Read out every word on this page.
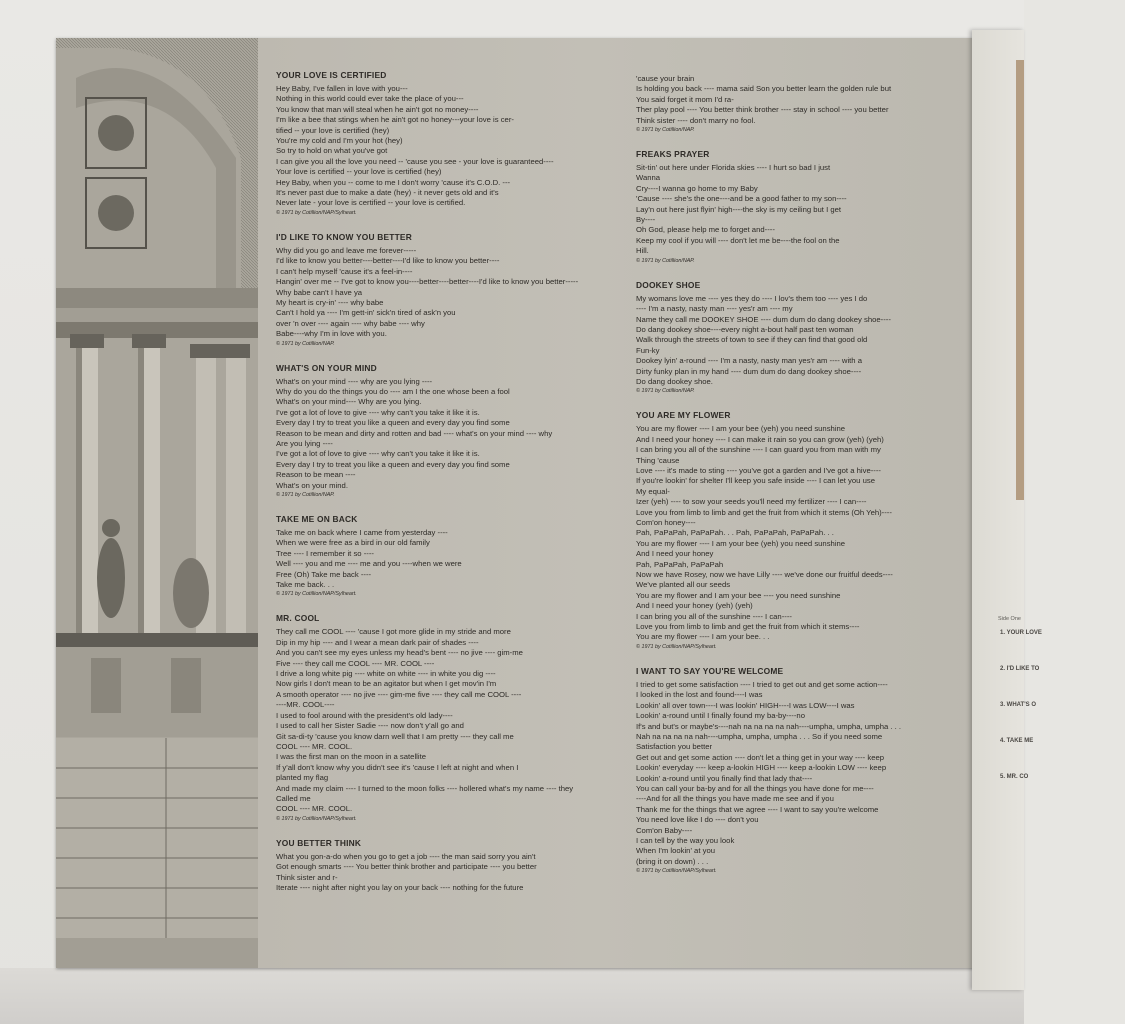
YOUR LOVE IS CERTIFIED
Hey Baby, I've fallen in love with you---
Nothing in this world could ever take the place of you---
You know that man will steal when he ain't got no money----
I'm like a bee that stings when he ain't got no honey---your love is cer-
tified -- your love is certified (hey)
You're my cold and I'm your hot (hey)
So try to hold on what you've got
I can give you all the love you need -- 'cause you see - your love is guaranteed----
Your love is certified -- your love is certified (hey)
Hey Baby, when you -- come to me I don't worry 'cause it's C.O.D. ---
It's never past due to make a date (hey) - it never gets old and it's
Never late - your love is certified -- your love is certified.
© 1971 by Cotillion/NAP/Sylheart.
I'D LIKE TO KNOW YOU BETTER
Why did you go and leave me forever-----
I'd like to know you better----better----I'd like to know you better----
I can't help myself 'cause it's a feel-in----
Hangin' over me -- I've got to know you----better----better----I'd like to know you better-----
Why babe can't I have ya
My heart is cry-in' ---- why babe
Can't I hold ya ---- I'm gett-in' sick'n tired of ask'n you
over 'n over ---- again ---- why babe ---- why
Babe----why I'm in love with you.
© 1971 by Cotillion/NAP.
WHAT'S ON YOUR MIND
What's on your mind ---- why are you lying ----
Why do you do the things you do ---- am I the one whose been a fool
What's on your mind---- Why are you lying.
I've got a lot of love to give ---- why can't you take it like it is.
Every day I try to treat you like a queen and every day you find some
Reason to be mean and dirty and rotten and bad ---- what's on your mind ---- why
Are you lying ----
I've got a lot of love to give ---- why can't you take it like it is.
Every day I try to treat you like a queen and every day you find some
Reason to be mean ----
What's on your mind.
© 1971 by Cotillion/NAP.
TAKE ME ON BACK
Take me on back where I came from yesterday ----
When we were free as a bird in our old family
Tree ---- I remember it so ----
Well ---- you and me ---- me and you ----when we were
Free (Oh) Take me back ----
Take me back. . .
© 1971 by Cotillion/NAP/Sylheart.
MR. COOL
They call me COOL ---- 'cause I got more glide in my stride and more
Dip in my hip ---- and I wear a mean dark pair of shades ----
And you can't see my eyes unless my head's bent ---- no jive ---- gim-me
Five ---- they call me COOL ---- MR. COOL ----
I drive a long white pig ---- white on white ---- in white you dig ----
Now girls I don't mean to be an agitator but when I get mov'in I'm
A smooth operator ---- no jive ---- gim-me five ---- they call me COOL ----
----MR. COOL----
I used to fool around with the president's old lady----
I used to call her Sister Sadie ---- now don't y'all go and
Git sa-di-ty 'cause you know darn well that I am pretty ---- they call me
COOL ---- MR. COOL.
I was the first man on the moon in a satellite
If y'all don't know why you didn't see it's 'cause I left at night and when I
planted my flag
And made my claim ---- I turned to the moon folks ---- hollered what's my name ---- they
Called me
COOL ---- MR. COOL.
© 1971 by Cotillion/NAP/Sylheart.
YOU BETTER THINK
What you gon-a-do when you go to get a job ---- the man said sorry you ain't
Got enough smarts ---- You better think brother and participate ---- you better
Think sister and r-
Iterate ---- night after night you lay on your back ---- nothing for the future
'cause your brain
Is holding you back ---- mama said Son you better learn the golden rule but
You said forget it mom I'd ra-
Ther play pool ---- You better think brother ---- stay in school ---- you better
Think sister ---- don't marry no fool.
© 1971 by Cotillion/NAP.
FREAKS PRAYER
Sit-tin' out here under Florida skies ---- I hurt so bad I just
Wanna
Cry----I wanna go home to my Baby
'Cause ---- she's the one----and be a good father to my son----
Lay'n out here just flyin' high----the sky is my ceiling but I get
By----
Oh God, please help me to forget and----
Keep my cool if you will ---- don't let me be----the fool on the
Hill.
© 1971 by Cotillion/NAP.
DOOKEY SHOE
My womans love me ---- yes they do ---- I lov's them too ---- yes I do
---- I'm a nasty, nasty man ---- yes'r am ---- my
Name they call me DOOKEY SHOE ---- dum dum do dang dookey shoe----
Do dang dookey shoe----every night a-bout half past ten woman
Walk through the streets of town to see if they can find that good old
Fun-ky
Dookey lyin' a-round ---- I'm a nasty, nasty man yes'r am ---- with a
Dirty funky plan in my hand ---- dum dum do dang dookey shoe----
Do dang dookey shoe.
© 1971 by Cotillion/NAP.
YOU ARE MY FLOWER
You are my flower ---- I am your bee (yeh) you need sunshine
And I need your honey ---- I can make it rain so you can grow (yeh) (yeh)
I can bring you all of the sunshine ---- I can guard you from man with my
Thing 'cause
Love ---- it's made to sting ---- you've got a garden and I've got a hive----
If you're lookin' for shelter I'll keep you safe inside ---- I can let you use
My equal-
Izer (yeh) ---- to sow your seeds you'll need my fertilizer ---- I can----
Love you from limb to limb and get the fruit from which it stems (Oh Yeh)----
Com'on honey----
Pah, PaPaPah, PaPaPah. . . Pah, PaPaPah, PaPaPah. . .
You are my flower ---- I am your bee (yeh) you need sunshine
And I need your honey
Pah, PaPaPah, PaPaPah
Now we have Rosey, now we have Lilly ---- we've done our fruitful deeds----
We've planted all our seeds
You are my flower and I am your bee ---- you need sunshine
And I need your honey (yeh) (yeh)
I can bring you all of the sunshine ---- I can----
Love you from limb to limb and get the fruit from which it stems----
You are my flower ---- I am your bee. . .
© 1971 by Cotillion/NAP/Sylheart.
I WANT TO SAY YOU'RE WELCOME
I tried to get some satisfaction ---- I tried to get out and get some action----
I looked in the lost and found----I was
Lookin' all over town----I was lookin' HIGH----I was LOW----I was
Lookin' a-round until I finally found my ba-by----no
If's and but's or maybe's----nah na na na na nah----umpha, umpha, umpha . . .
Nah na na na na nah----umpha, umpha, umpha . . . So if you need some
Satisfaction you better
Get out and get some action ---- don't let a thing get in your way ---- keep
Lookin' everyday ---- keep a-lookin HIGH ---- keep a-lookin LOW ---- keep
Lookin' a-round until you finally find that lady that----
You can call your ba-by and for all the things you have done for me----
----And for all the things you have made me see and if you
Thank me for the things that we agree ---- I want to say you're welcome
You need love like I do ---- don't you
Com'on Baby----
I can tell by the way you look
When I'm lookin' at you
(bring it on down) . . .
© 1971 by Cotillion/NAP/Sylheart.
Side One
1. YOUR LOVE
2. I'D LIKE TO
3. WHAT'S O
4. TAKE ME
5. MR. CO
